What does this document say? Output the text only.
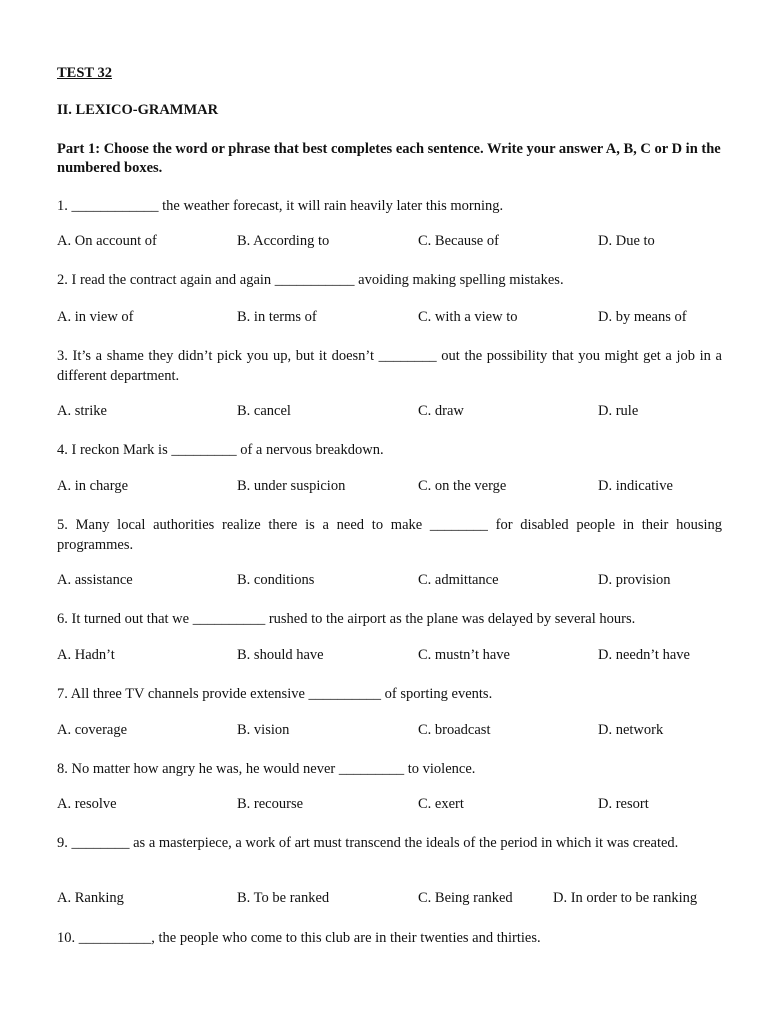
TEST 32
II. LEXICO-GRAMMAR
Part 1: Choose the word or phrase that best completes each sentence. Write your answer A, B, C or D in the numbered boxes.
1. ____________ the weather forecast, it will rain heavily later this morning.
A. On account of	B. According to	C. Because of	D. Due to
2. I read the contract again and again ___________ avoiding making spelling mistakes.
A. in view of	B. in terms of	C. with a view to	D. by means of
3. It’s a shame they didn’t pick you up, but it doesn’t ________ out the possibility that you might get a job in a different department.
A. strike	B. cancel	C. draw	D. rule
4. I reckon Mark is _________ of a nervous breakdown.
A. in charge	B. under suspicion	C. on the verge	D. indicative
5. Many local authorities realize there is a need to make ________ for disabled people in their housing programmes.
A. assistance	B. conditions	C. admittance	D. provision
6. It turned out that we __________ rushed to the airport as the plane was delayed by several hours.
A. Hadn’t	B. should have	C. mustn’t have	D. needn’t have
7. All three TV channels provide extensive __________ of sporting events.
A. coverage	B. vision	C. broadcast	D. network
8. No matter how angry he was, he would never _________ to violence.
A. resolve	B. recourse	C. exert	D. resort
9. ________ as a masterpiece, a work of art must transcend the ideals of the period in which it was created.
A. Ranking	B. To be ranked	C. Being ranked	D. In order to be ranking
10. __________, the people who come to this club are in their twenties and thirties.
